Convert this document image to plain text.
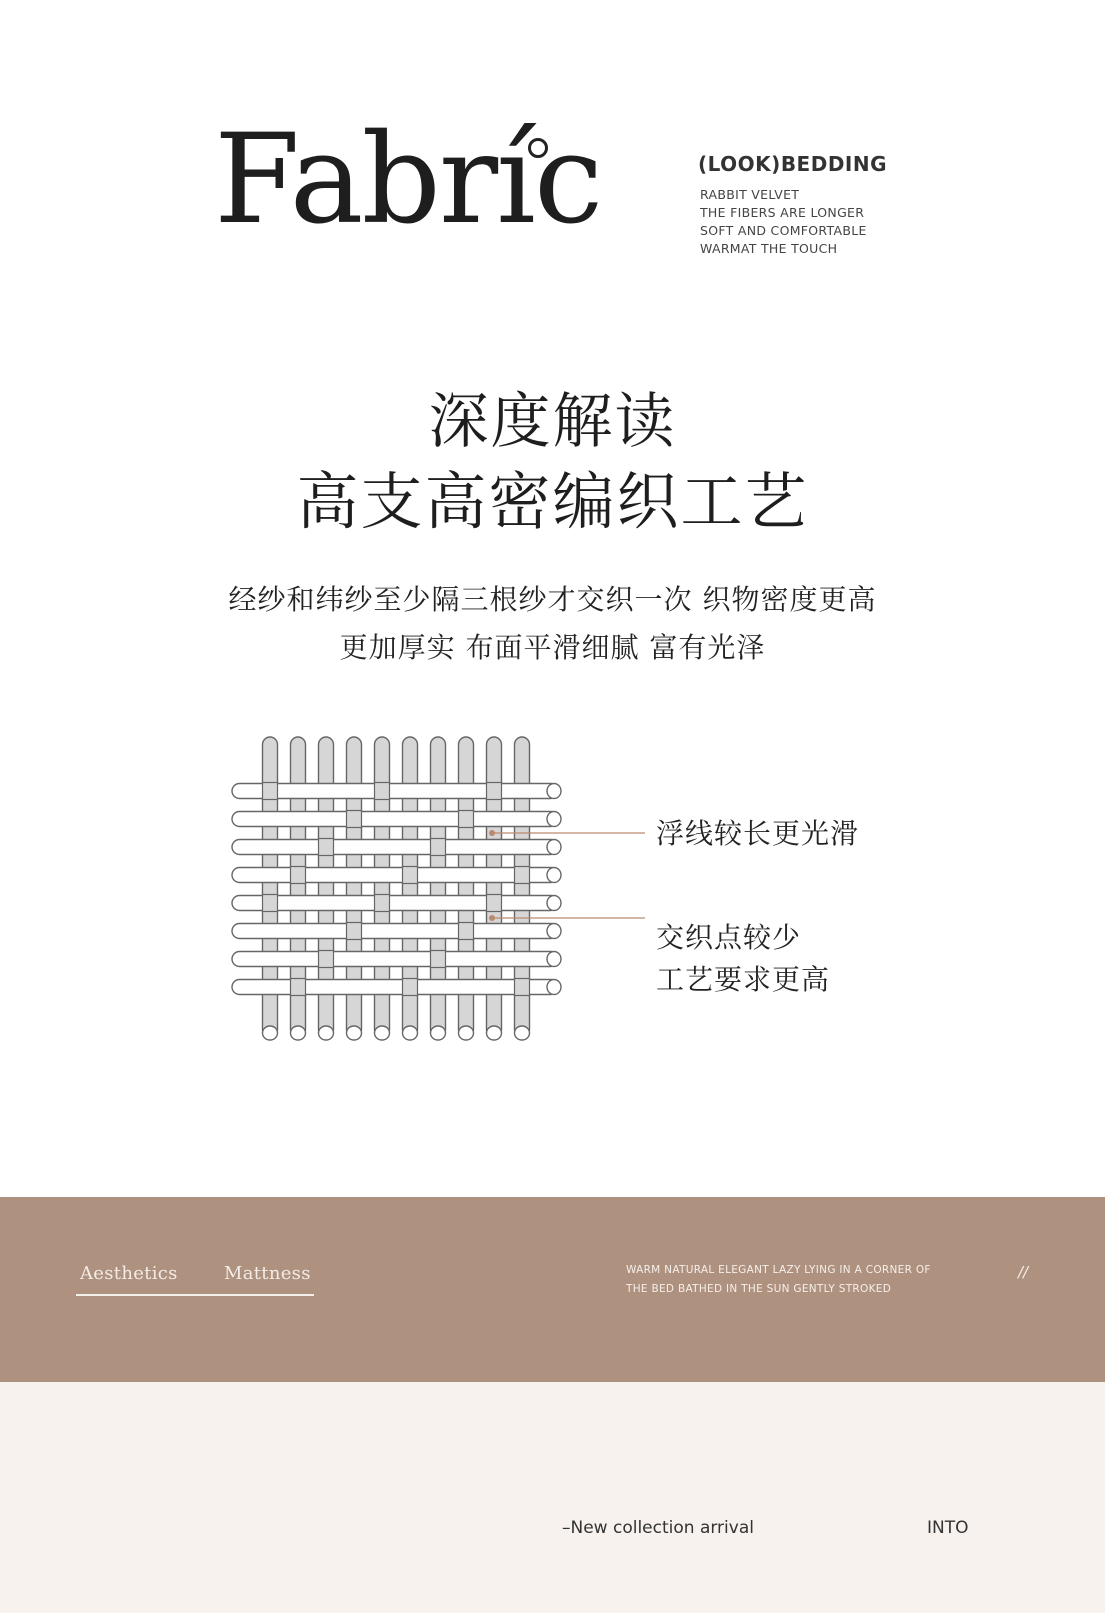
Fabríc	(LOOK)BEDDING
RABBIT VELVET
THE FIBERS ARE LONGER
SOFT AND COMFORTABLE
WARMAT THE TOUCH
深度解读
高支高密编织工艺
经纱和纬纱至少隔三根纱才交织一次 织物密度更高
更加厚实 布面平滑细腻 富有光泽
浮线较长更光滑
交织点较少
工艺要求更高
Aesthetics	Mattness	WARM NATURAL ELEGANT LAZY LYING IN A CORNER OF
THE BED BATHED IN THE SUN GENTLY STROKED
//
–New collection arrival	INTO
